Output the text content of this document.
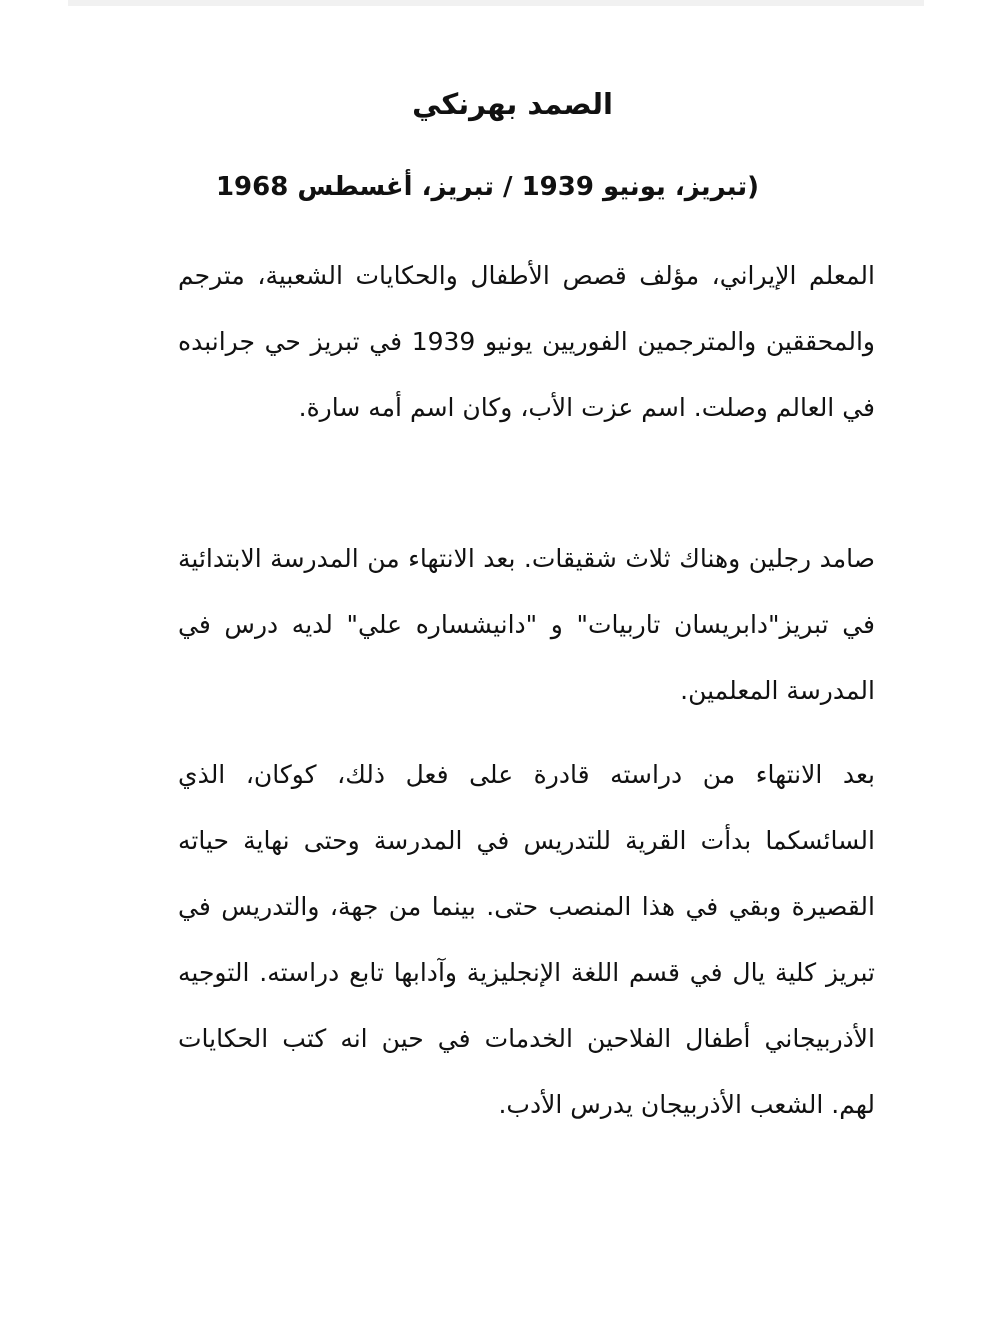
الصمد بهرنكي

(تبريز، يونيو 1939 / تبريز، أغسطس 1968

المعلم الإيراني، مؤلف قصص الأطفال والحكايات الشعبية، مترجم والمحققين والمترجمين الفوريين يونيو 1939 في تبريز حي جرانبده في العالم وصلت. اسم عزت الأب، وكان اسم أمه سارة.

صامد رجلين وهناك ثلاث شقيقات. بعد الانتهاء من المدرسة الابتدائية في تبريز"دابريسان تاربيات" و "دانيشساره علي" لديه درس في المدرسة المعلمين.

بعد الانتهاء من دراسته قادرة على فعل ذلك، كوكان، الذي السائسكما بدأت القرية للتدريس في المدرسة وحتى نهاية حياته القصيرة وبقي في هذا المنصب حتى. بينما من جهة، والتدريس في تبريز كلية يال في قسم اللغة الإنجليزية وآدابها تابع دراسته. التوجيه الأذربيجاني أطفال الفلاحين الخدمات في حين انه كتب الحكايات لهم. الشعب الأذربيجان يدرس الأدب.
